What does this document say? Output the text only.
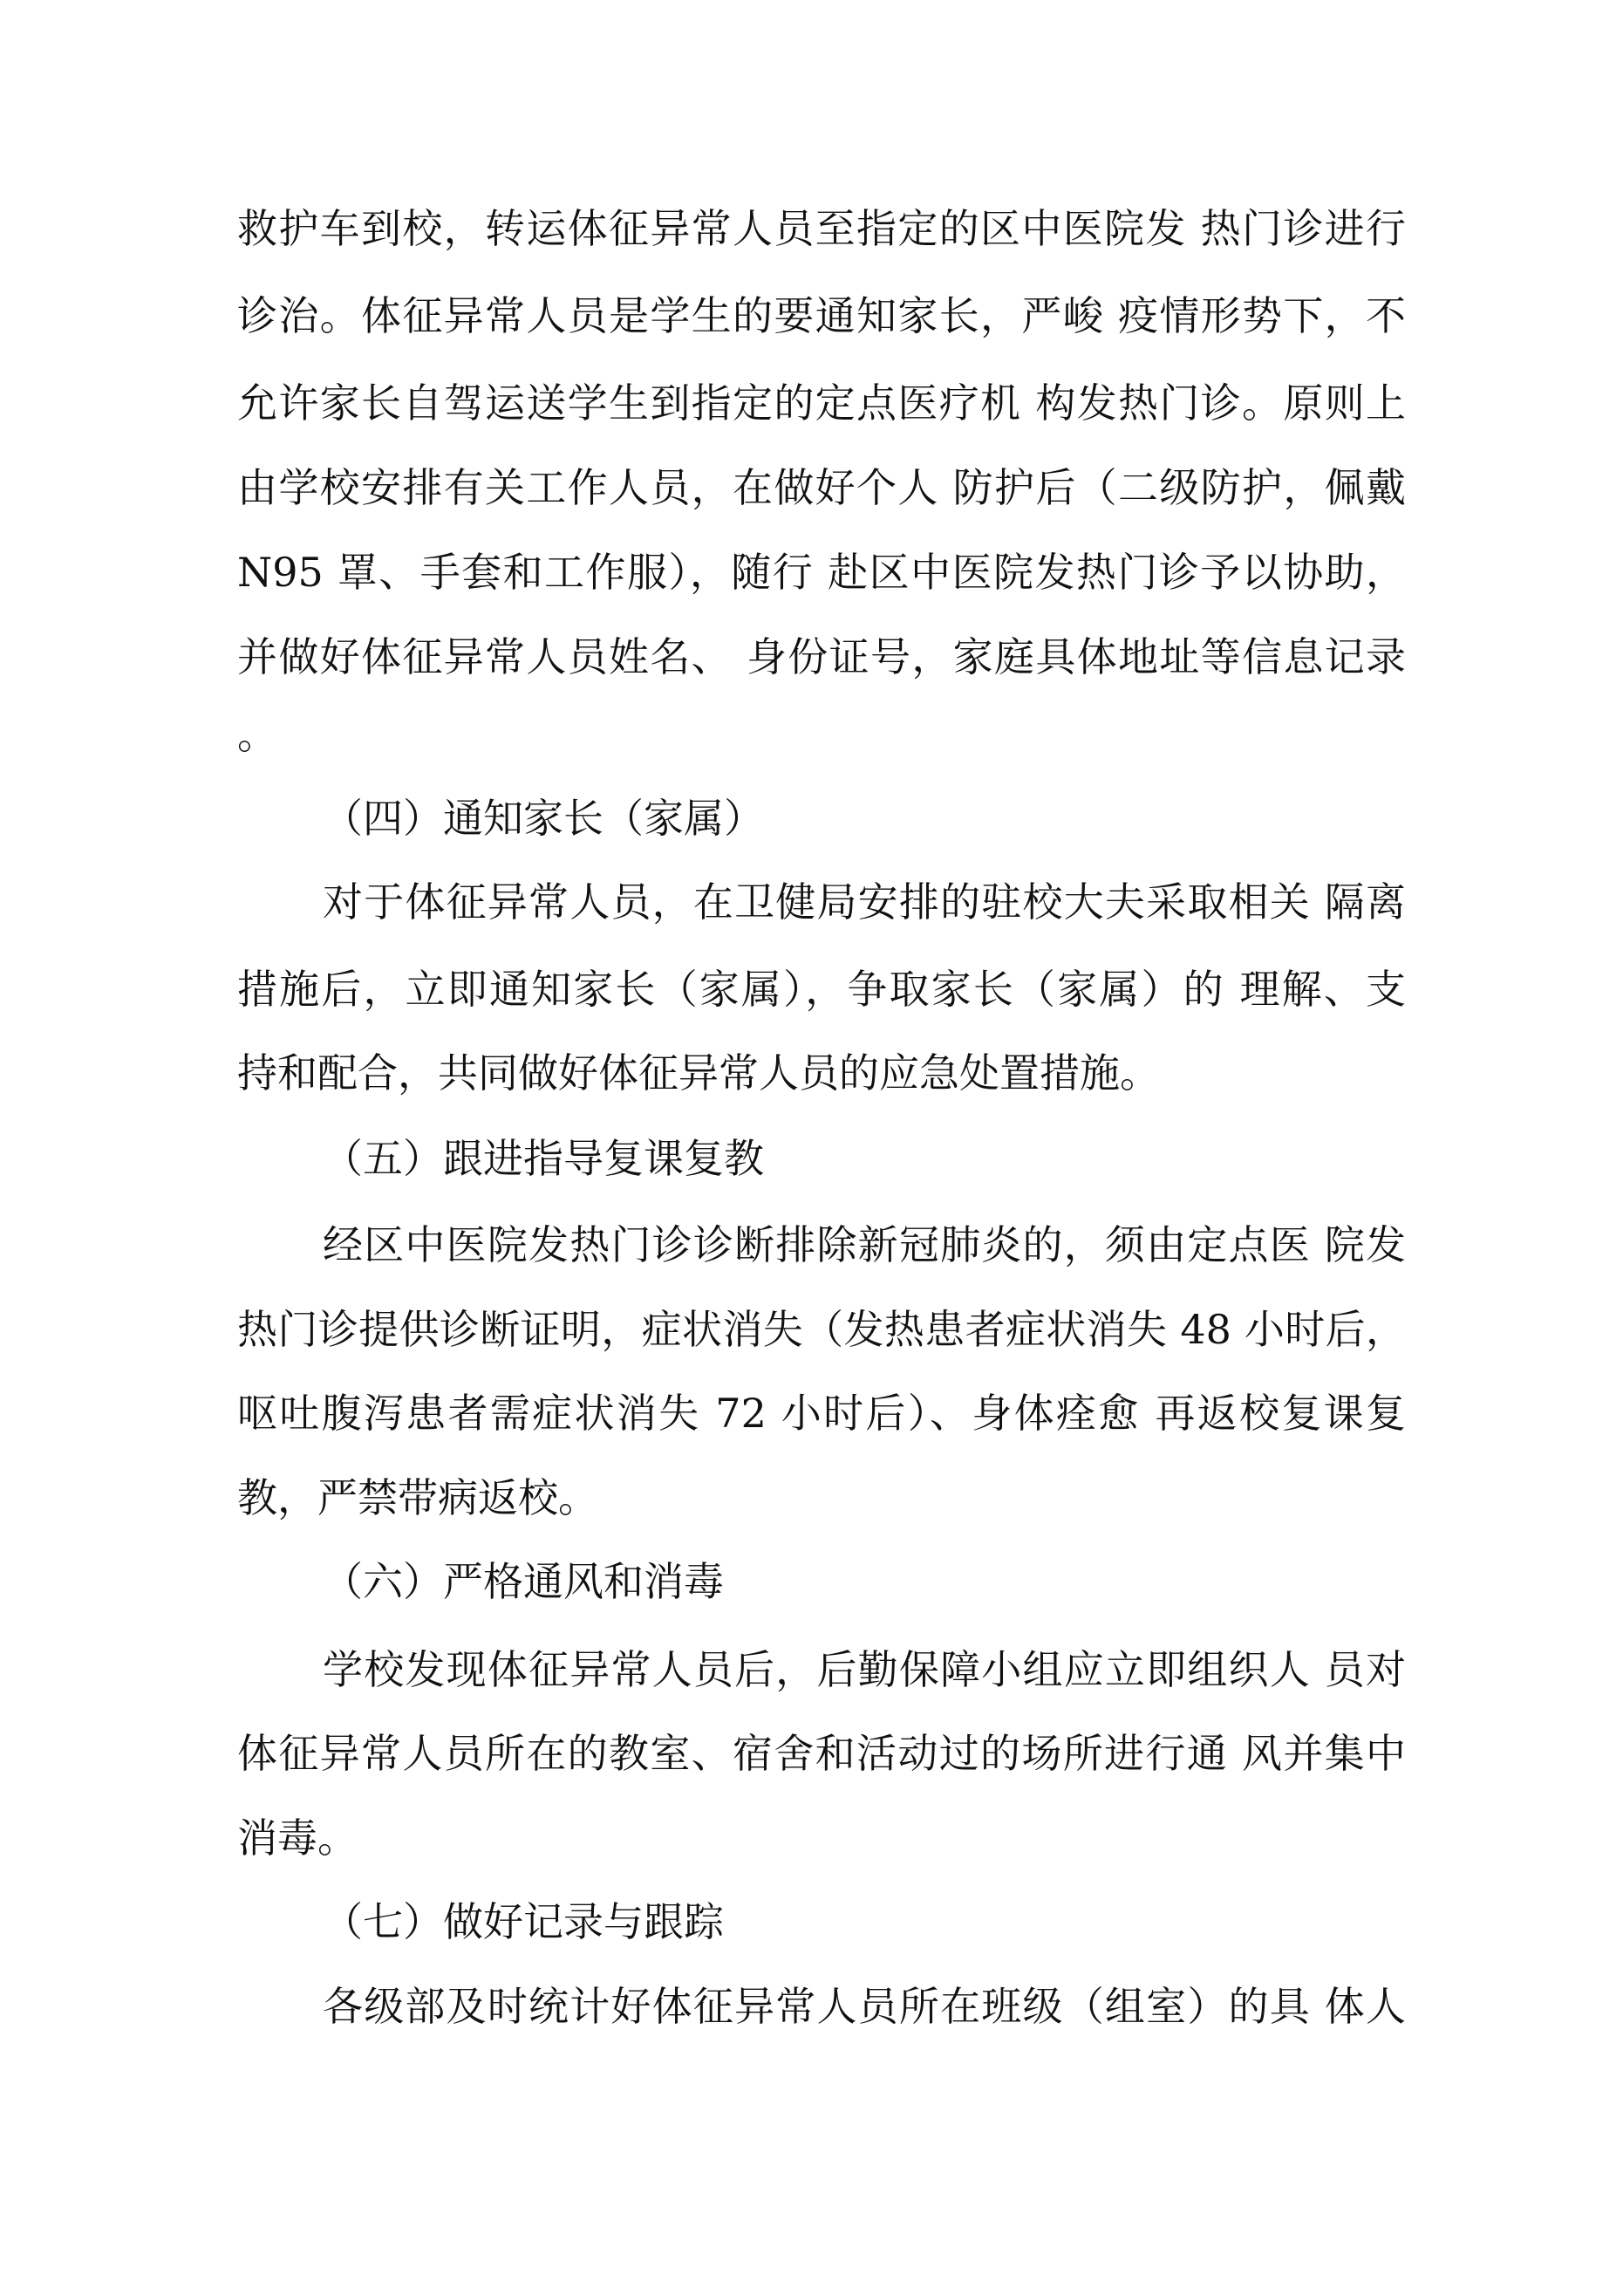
救护车到校，转运体征异常人员至指定的区中医院发 热门诊进行
诊治。体征异常人员是学生的要通知家长，严峻 疫情形势下，不
允许家长自驾运送学生到指定的定点医疗机 构发热门诊。原则上
由学校安排有关工作人员，在做好个人 防护后（二级防护，佩戴
N95 罩、手套和工作服），随行 赴区中医院发热门诊予以协助，
并做好体征异常人员姓名、 身份证号，家庭具体地址等信息记录
。
（四）通知家长（家属）
对于体征异常人员，在卫健局安排的驻校大夫采取相关 隔离
措施后，立即通知家长（家属），争取家长（家属）的 理解、支
持和配合，共同做好体征异常人员的应急处置措施。
（五）跟进指导复课复教
经区中医院发热门诊诊断排除新冠肺炎的，须由定点医 院发
热门诊提供诊断证明，症状消失（发热患者症状消失 48 小时后，
呕吐腹泻患者需症状消失 72 小时后）、身体痊愈 再返校复课复
教，严禁带病返校。
（六）严格通风和消毒
学校发现体征异常人员后，后勤保障小组应立即组织人 员对
体征异常人员所在的教室、宿舍和活动过的场所进行通 风并集中
消毒。
（七）做好记录与跟踪
各级部及时统计好体征异常人员所在班级（组室）的具 体人
